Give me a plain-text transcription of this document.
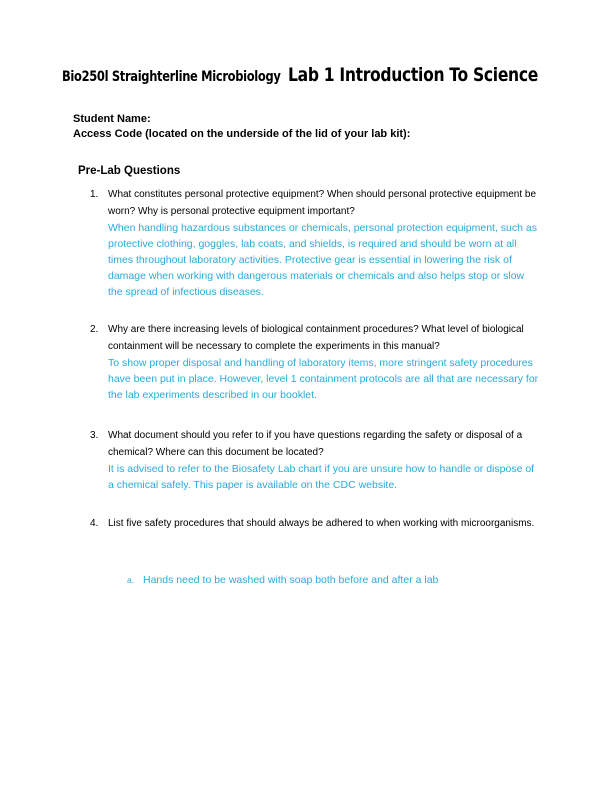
Bio250l Straighterline Microbiology Lab 1 Introduction To Science
Student Name:
Access Code (located on the underside of the lid of your lab kit):
Pre-Lab Questions
1. What constitutes personal protective equipment? When should personal protective equipment be worn? Why is personal protective equipment important?
When handling hazardous substances or chemicals, personal protection equipment, such as protective clothing, goggles, lab coats, and shields, is required and should be worn at all times throughout laboratory activities. Protective gear is essential in lowering the risk of damage when working with dangerous materials or chemicals and also helps stop or slow the spread of infectious diseases.
2. Why are there increasing levels of biological containment procedures? What level of biological containment will be necessary to complete the experiments in this manual?
To show proper disposal and handling of laboratory items, more stringent safety procedures have been put in place. However, level 1 containment protocols are all that are necessary for the lab experiments described in our booklet.
3. What document should you refer to if you have questions regarding the safety or disposal of a chemical? Where can this document be located?
It is advised to refer to the Biosafety Lab chart if you are unsure how to handle or dispose of a chemical safely. This paper is available on the CDC website.
4. List five safety procedures that should always be adhered to when working with microorganisms.
a. Hands need to be washed with soap both before and after a lab
